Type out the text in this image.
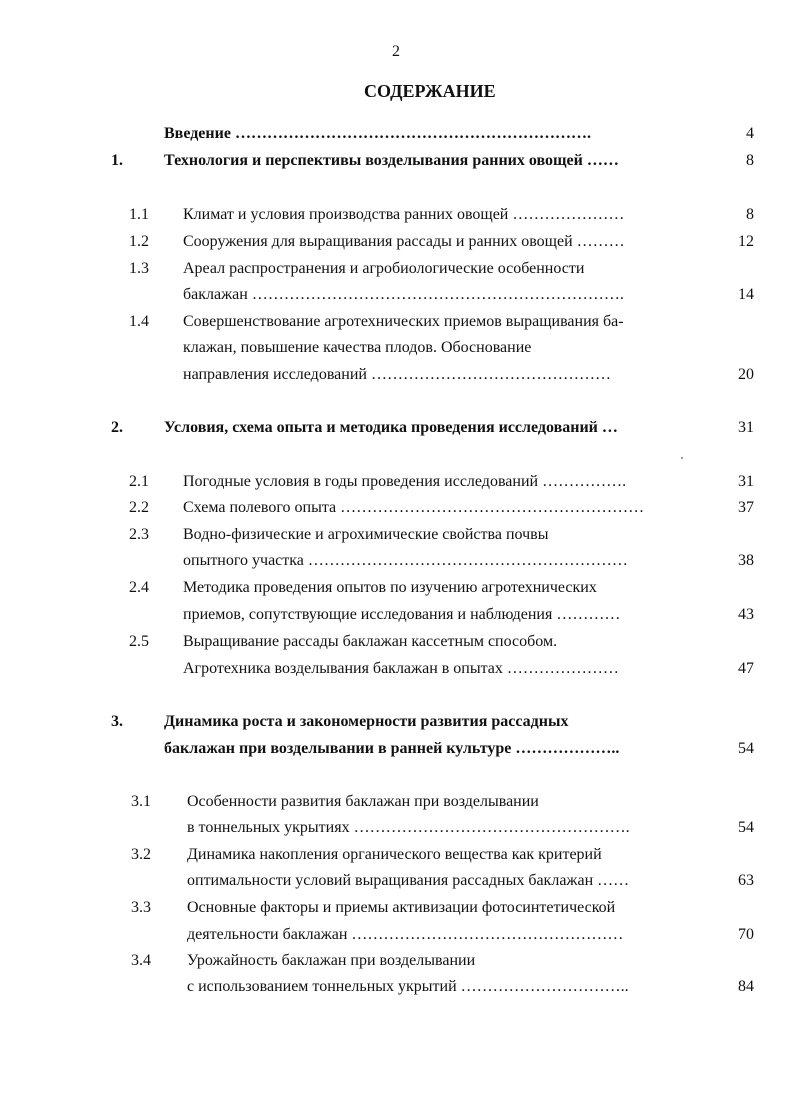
2
СОДЕРЖАНИЕ
Введение ………………………………………………………….	4
1.	Технология и перспективы возделывания ранних овощей ……	8
1.1 Климат и условия производства ранних овощей …………………	8
1.2 Сооружения для выращивания рассады и ранних овощей ………	12
1.3 Ареал распространения и агробиологические особенности
баклажан …………………………………………………………….	14
1.4 Совершенствование агротехнических приемов выращивания ба-
клажан, повышение качества плодов. Обоснование
направления исследований ………………………………………	20
2.	Условия, схема опыта и методика проведения исследований …	31
2.1 Погодные условия в годы проведения исследований …………….	31
2.2 Схема полевого опыта …………………………………………………	37
2.3 Водно-физические и агрохимические свойства почвы
опытного участка ……………………………………………………	38
2.4 Методика проведения опытов по изучению агротехнических
приемов, сопутствующие исследования и наблюдения …………	43
2.5 Выращивание рассады баклажан кассетным способом.
Агротехника возделывания баклажан в опытах …………………	47
3.	Динамика роста и закономерности развития рассадных
баклажан при возделывании в ранней культуре ………………..	54
3.1 Особенности развития баклажан при возделывании
в тоннельных укрытиях …………………………………………….	54
3.2 Динамика накопления органического вещества как критерий
оптимальности условий выращивания рассадных баклажан ……	63
3.3 Основные факторы и приемы активизации фотосинтетической
деятельности баклажан ……………………………………………	70
3.4 Урожайность баклажан при возделывании
с использованием тоннельных укрытий …………………………..	84
